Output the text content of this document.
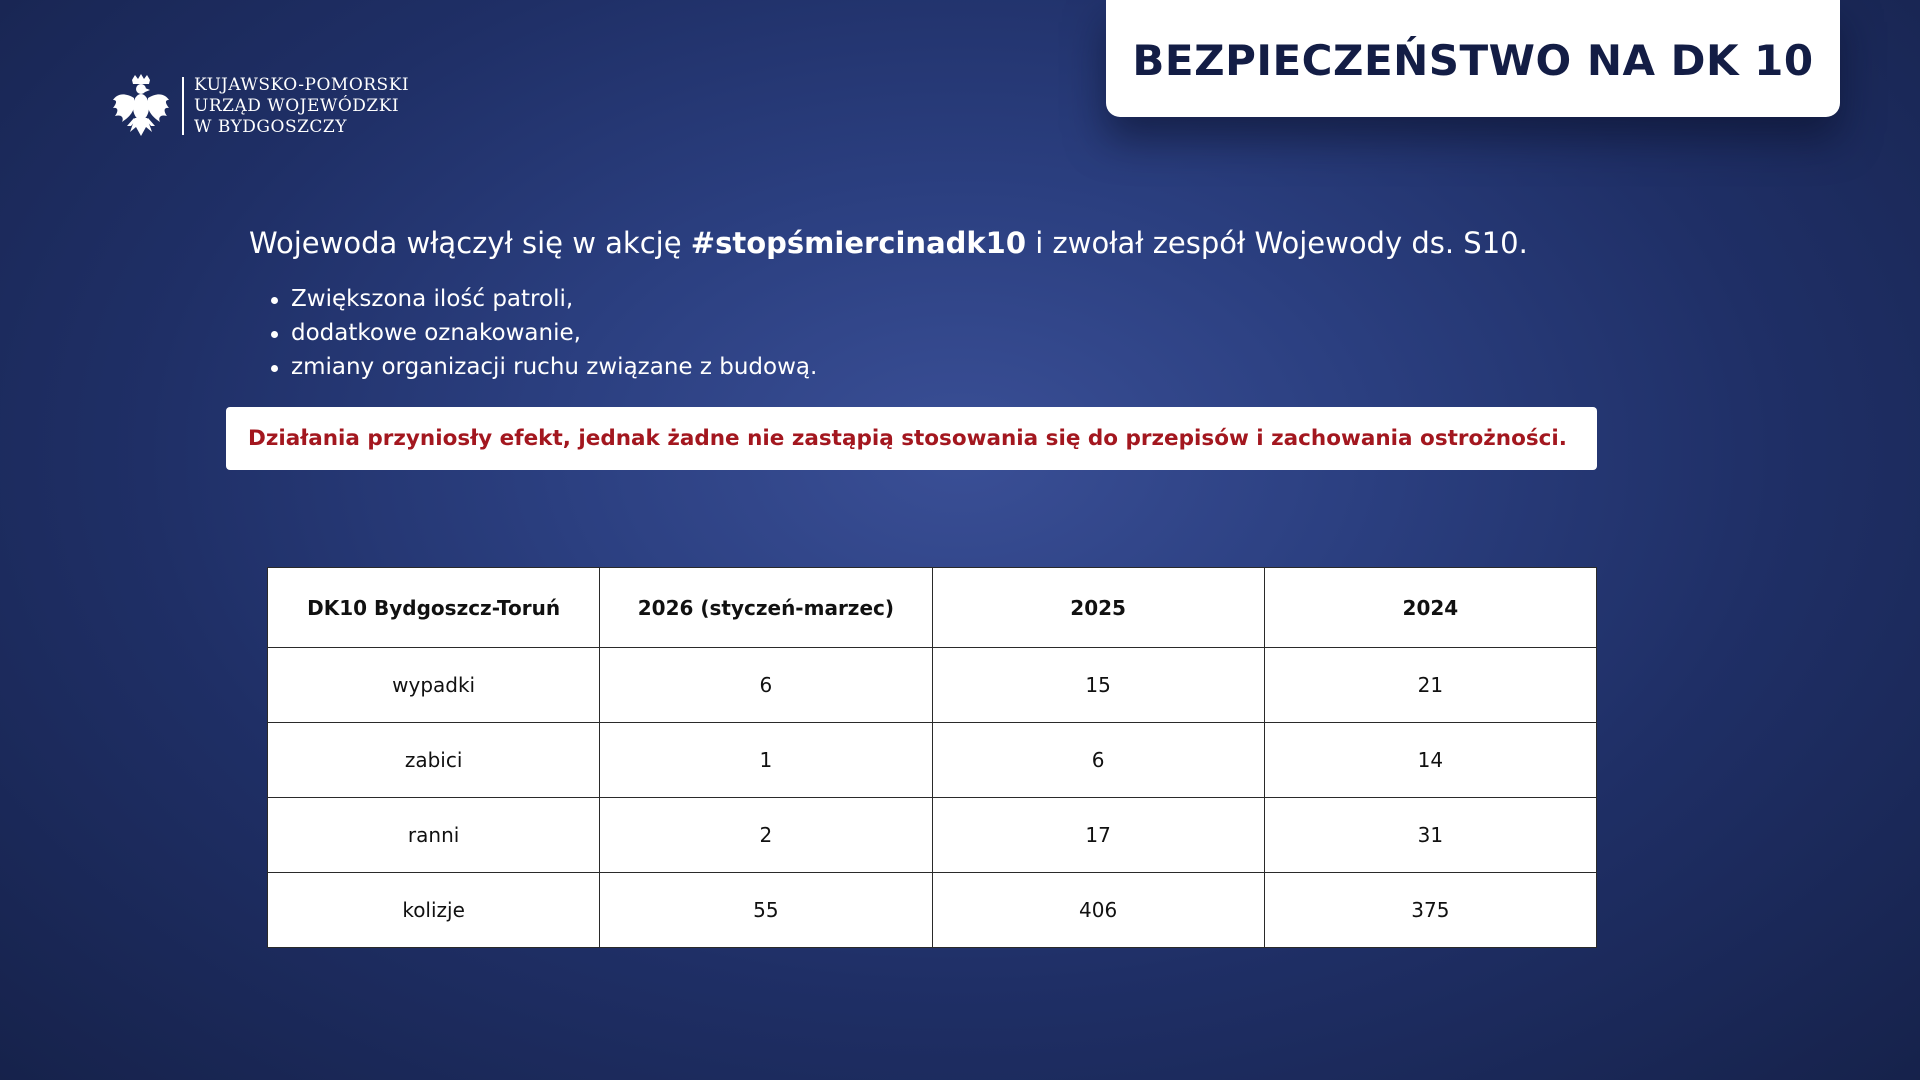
KUJAWSKO-POMORSKI
URZĄD WOJEWÓDZKI
W BYDGOSZCZY
BEZPIECZEŃSTWO NA DK 10
Wojewoda włączył się w akcję #stopśmiercinadk10 i zwołał zespół Wojewody ds. S10.
Zwiększona ilość patroli,
dodatkowe oznakowanie,
zmiany organizacji ruchu związane z budową.
Działania przyniosły efekt, jednak żadne nie zastąpią stosowania się do przepisów i zachowania ostrożności.
DK10 Bydgoszcz-Toruń	2026 (styczeń-marzec)	2025	2024
wypadki	6	15	21
zabici	1	6	14
ranni	2	17	31
kolizje	55	406	375
